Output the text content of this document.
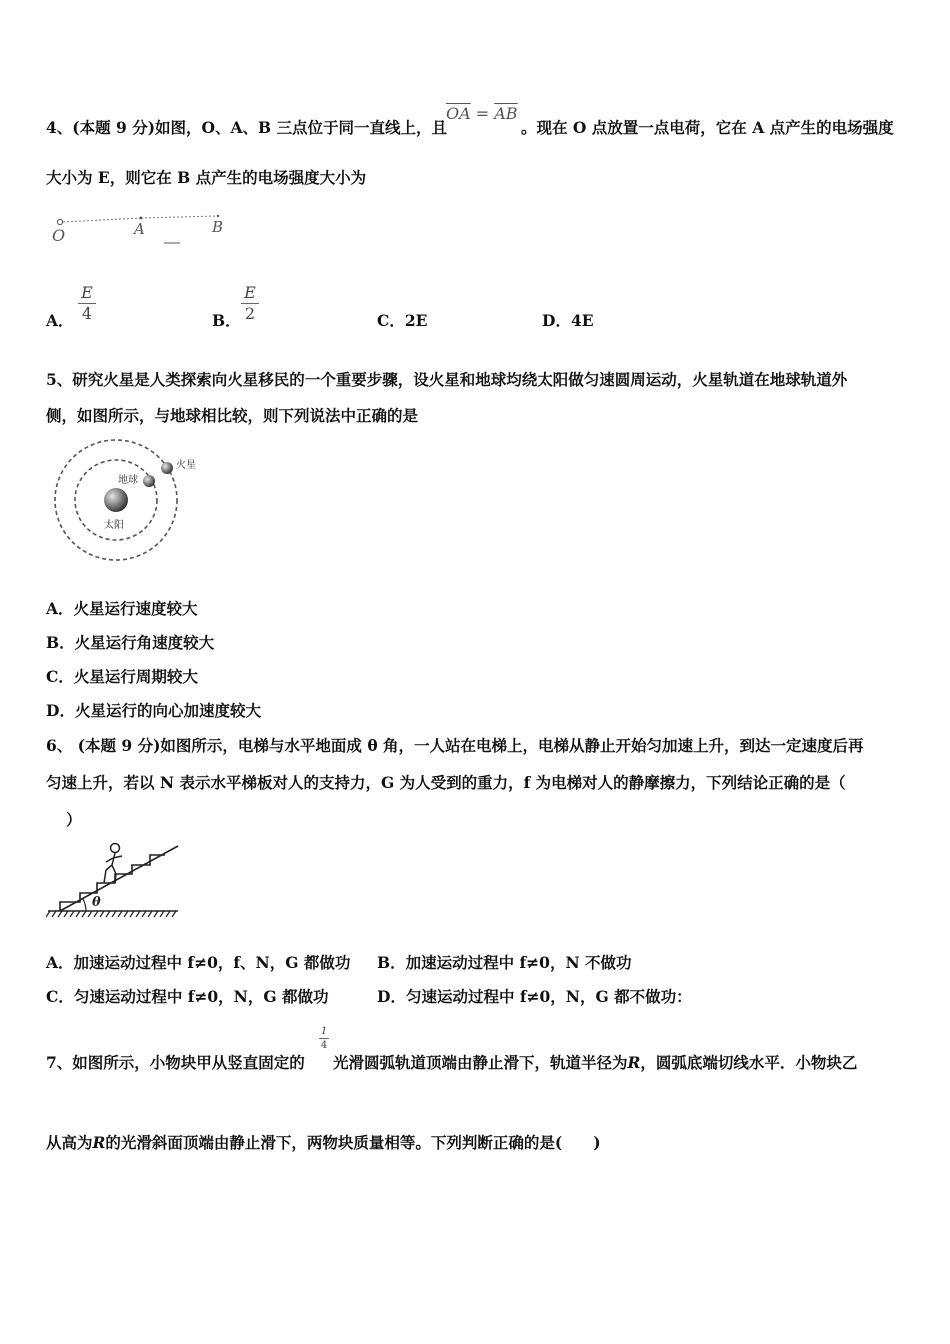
4、(本题 9 分)如图，O、A、B 三点位于同一直线上，且
$\overline{OA} = \overline{AB}$
。现在 O 点放置一点电荷，它在 A 点产生的电场强度
大小为 E，则它在 B 点产生的电场强度大小为
O	A	B
A．
E
4	B．
E
2	C．2E	D．4E
5、研究火星是人类探索向火星移民的一个重要步骤，设火星和地球均绕太阳做匀速圆周运动，火星轨道在地球轨道外
侧，如图所示，与地球相比较，则下列说法中正确的是
火星
地球
太阳
A．火星运行速度较大
B．火星运行角速度较大
C．火星运行周期较大
D．火星运行的向心加速度较大
6、 (本题 9 分)如图所示，电梯与水平地面成 θ 角，一人站在电梯上，电梯从静止开始匀加速上升，到达一定速度后再
匀速上升，若以 N 表示水平梯板对人的支持力，G 为人受到的重力，f 为电梯对人的静摩擦力，下列结论正确的是（
）
θ
A．加速运动过程中 f≠0，f、N，G 都做功 B．加速运动过程中 f≠0，N 不做功
C．匀速运动过程中 f≠0，N，G 都做功	D．匀速运动过程中 f≠0，N，G 都不做功：
7、如图所示，小物块甲从竖直固定的
1
4
光滑圆弧轨道顶端由静止滑下，轨道半径为R，圆弧底端切线水平．小物块乙
从高为R的光滑斜面顶端由静止滑下，两物块质量相等。下列判断正确的是(　　)
